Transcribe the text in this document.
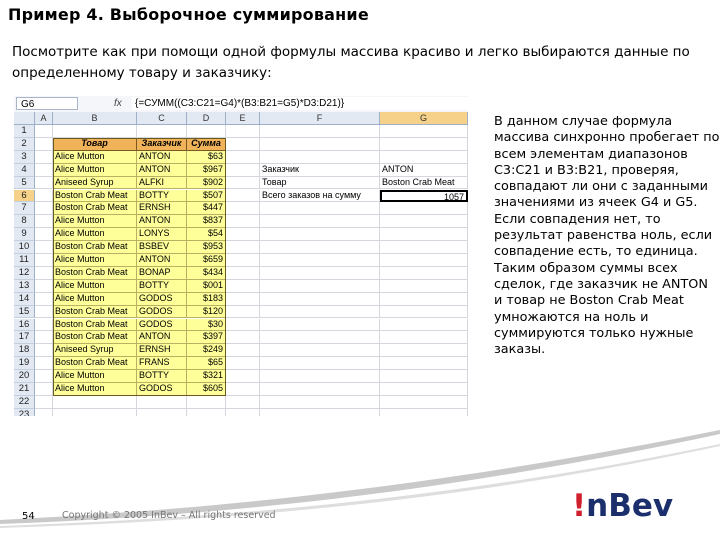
Пример 4. Выборочное суммирование
Посмотрите как при помощи одной формулы массива красиво и легко выбираются данные по определенному товару и заказчику:
G6	fx	{=СУММ((C3:C21=G4)*(B3:B21=G5)*D3:D21)}
A	B	C	D	E	F	G
1
2
3
4
5
6
7
8
9
10
11
12
13
14
15
16
17
18
19
20
21
22
23
Товар	Заказчик	Сумма
Alice Mutton	ANTON	$63
Alice Mutton	ANTON	$967
Aniseed Syrup	ALFKI	$902
Boston Crab Meat	BOTTY	$507
Boston Crab Meat	ERNSH	$447
Alice Mutton	ANTON	$837
Alice Mutton	LONYS	$54
Boston Crab Meat	BSBEV	$953
Alice Mutton	ANTON	$659
Boston Crab Meat	BONAP	$434
Alice Mutton	BOTTY	$001
Alice Mutton	GODOS	$183
Boston Crab Meat	GODOS	$120
Boston Crab Meat	GODOS	$30
Boston Crab Meat	ANTON	$397
Aniseed Syrup	ERNSH	$249
Boston Crab Meat	FRANS	$65
Alice Mutton	BOTTY	$321
Alice Mutton	GODOS	$605
Заказчик	ANTON
Товар	Boston Crab Meat
Всего заказов на сумму	1057
В данном случае формула массива синхронно пробегает по всем элементам диапазонов C3:C21 и B3:B21, проверяя, совпадают ли они с заданными значениями из ячеек G4 и G5. Если совпадения нет, то результат равенства ноль, если совпадение есть, то единица. Таким образом суммы всех сделок, где заказчик не ANTON и товар не Boston Crab Meat умножаются на ноль и суммируются только нужные заказы.
54	Copyright © 2005 InBev – All rights reserved	!nBev
